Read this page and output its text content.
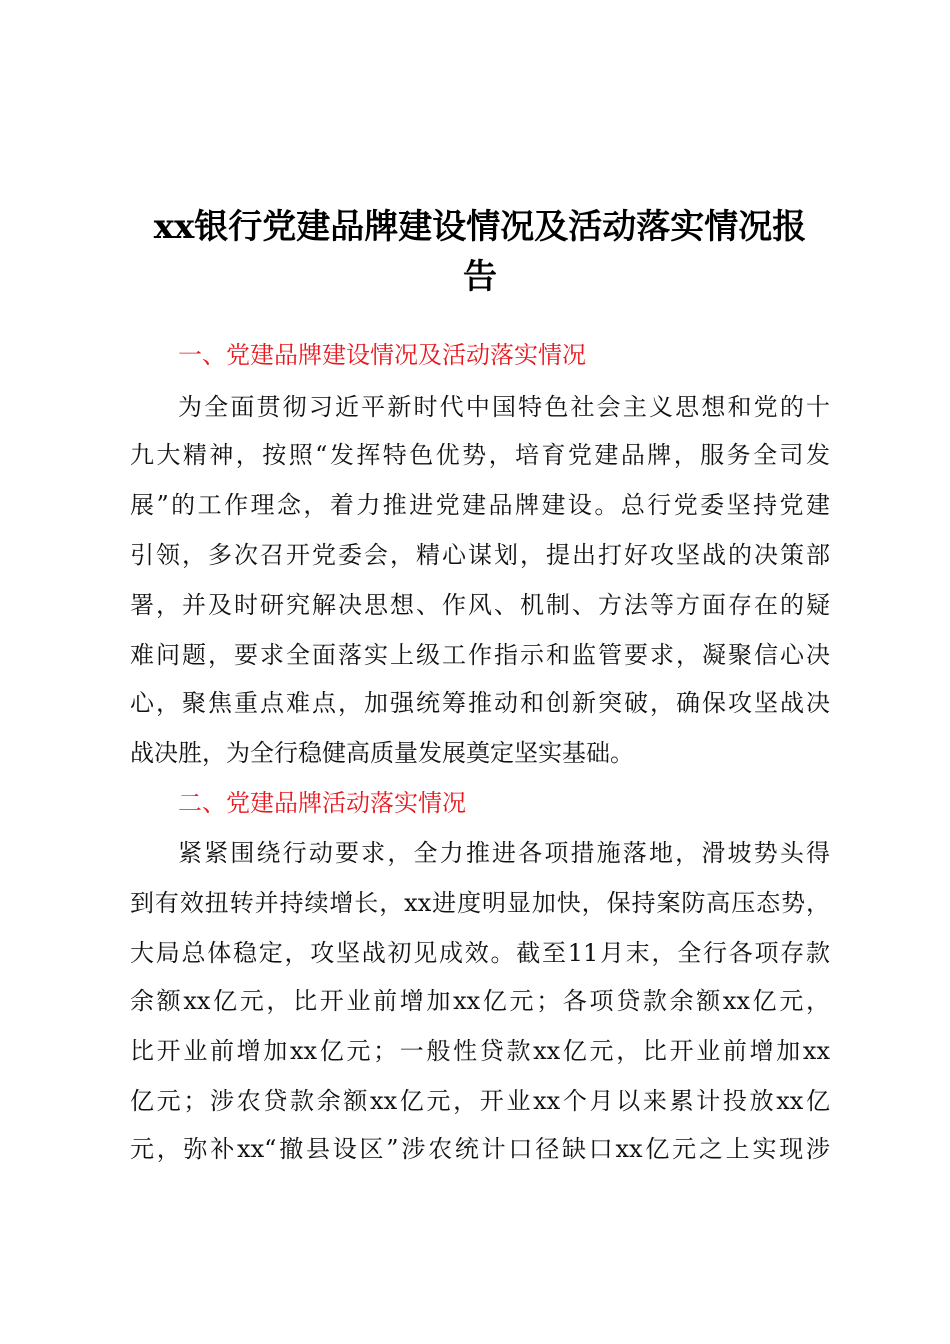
xx银行党建品牌建设情况及活动落实情况报
告

一、党建品牌建设情况及活动落实情况

为全面贯彻习近平新时代中国特色社会主义思想和党的十

九大精神，按照“发挥特色优势，培育党建品牌，服务全司发

展”的工作理念，着力推进党建品牌建设。总行党委坚持党建

引领，多次召开党委会，精心谋划，提出打好攻坚战的决策部

署，并及时研究解决思想、作风、机制、方法等方面存在的疑

难问题，要求全面落实上级工作指示和监管要求，凝聚信心决

心，聚焦重点难点，加强统筹推动和创新突破，确保攻坚战决

战决胜，为全行稳健高质量发展奠定坚实基础。

二、党建品牌活动落实情况

紧紧围绕行动要求，全力推进各项措施落地，滑坡势头得

到有效扭转并持续增长，xx进度明显加快，保持案防高压态势，

大局总体稳定，攻坚战初见成效。截至11月末，全行各项存款

余额xx亿元，比开业前增加xx亿元；各项贷款余额xx亿元，

比开业前增加xx亿元；一般性贷款xx亿元，比开业前增加xx

亿元；涉农贷款余额xx亿元，开业xx个月以来累计投放xx亿

元，弥补xx“撤县设区”涉农统计口径缺口xx亿元之上实现涉
